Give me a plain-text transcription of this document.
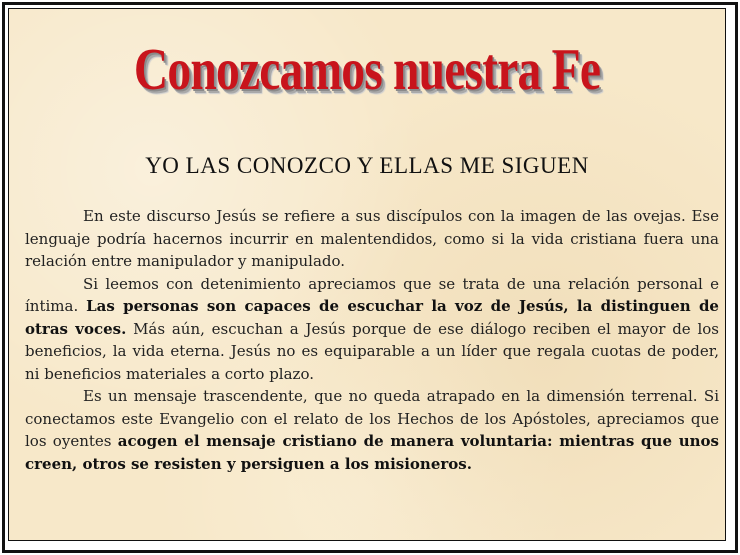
Conozcamos nuestra Fe
YO LAS CONOZCO Y ELLAS ME SIGUEN

En este discurso Jesús se refiere a sus discípulos con la imagen de las ovejas. Ese lenguaje podría hacernos incurrir en malentendidos, como si la vida cristiana fuera una relación entre manipulador y manipulado.

Si leemos con detenimiento apreciamos que se trata de una relación personal e íntima. Las personas son capaces de escuchar la voz de Jesús, la distinguen de otras voces. Más aún, escuchan a Jesús porque de ese diálogo reciben el mayor de los beneficios, la vida eterna. Jesús no es equiparable a un líder que regala cuotas de poder, ni beneficios materiales a corto plazo.

Es un mensaje trascendente, que no queda atrapado en la dimensión terrenal. Si conectamos este Evangelio con el relato de los Hechos de los Apóstoles, apreciamos que los oyentes acogen el mensaje cristiano de manera voluntaria: mientras que unos creen, otros se resisten y persiguen a los misioneros.
